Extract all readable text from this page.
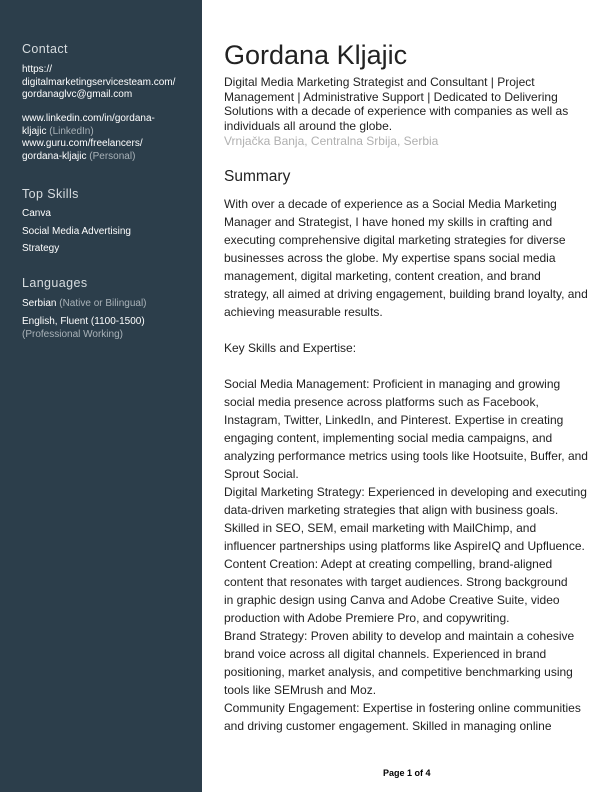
Contact
https://
digitalmarketingservicesteam.com/
gordanaglvc@gmail.com
www.linkedin.com/in/gordana-
kljajic (LinkedIn)
www.guru.com/freelancers/
gordana-kljajic (Personal)
Top Skills
Canva
Social Media Advertising
Strategy
Languages
Serbian (Native or Bilingual)
English, Fluent (1100-1500)
(Professional Working)
Gordana Kljajic
Digital Media Marketing Strategist and Consultant | Project Management | Administrative Support | Dedicated to Delivering Solutions with a decade of experience with companies as well as individuals all around the globe.
Vrnjačka Banja, Centralna Srbija, Serbia
Summary
With over a decade of experience as a Social Media Marketing
Manager and Strategist, I have honed my skills in crafting and
executing comprehensive digital marketing strategies for diverse
businesses across the globe. My expertise spans social media
management, digital marketing, content creation, and brand
strategy, all aimed at driving engagement, building brand loyalty, and
achieving measurable results.
Key Skills and Expertise:
Social Media Management: Proficient in managing and growing
social media presence across platforms such as Facebook,
Instagram, Twitter, LinkedIn, and Pinterest. Expertise in creating
engaging content, implementing social media campaigns, and
analyzing performance metrics using tools like Hootsuite, Buffer, and
Sprout Social.
Digital Marketing Strategy: Experienced in developing and executing
data-driven marketing strategies that align with business goals.
Skilled in SEO, SEM, email marketing with MailChimp, and
influencer partnerships using platforms like AspireIQ and Upfluence.
Content Creation: Adept at creating compelling, brand-aligned
content that resonates with target audiences. Strong background
in graphic design using Canva and Adobe Creative Suite, video
production with Adobe Premiere Pro, and copywriting.
Brand Strategy: Proven ability to develop and maintain a cohesive
brand voice across all digital channels. Experienced in brand
positioning, market analysis, and competitive benchmarking using
tools like SEMrush and Moz.
Community Engagement: Expertise in fostering online communities
and driving customer engagement. Skilled in managing online
Page 1 of 4
